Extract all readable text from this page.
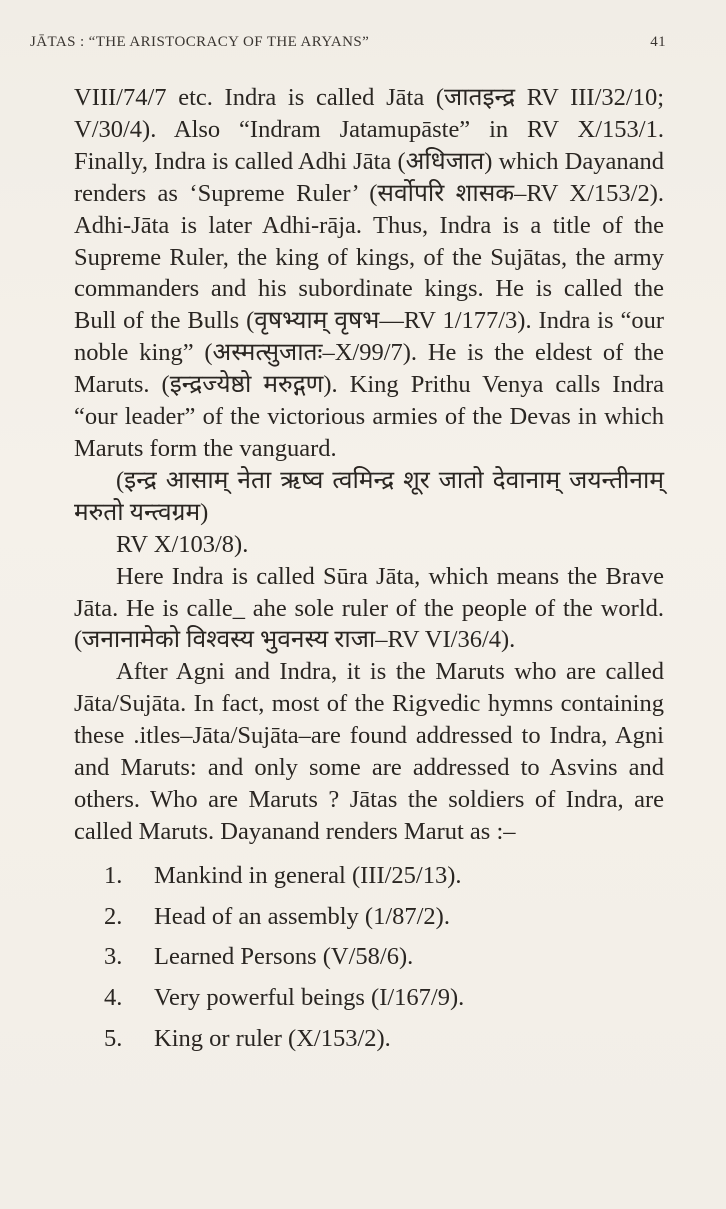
JĀTAS : “THE ARISTOCRACY OF THE ARYANS”	41

VIII/74/7 etc. Indra is called Jāta (जातइन्द्र RV III/32/10; V/30/4). Also “Indram Jatamupāste” in RV X/153/1. Finally, Indra is called Adhi Jāta (अधिजात) which Dayanand renders as ‘Supreme Ruler’ (सर्वोपरि शासक–RV X/153/2). Adhi-Jāta is later Adhi-rāja. Thus, Indra is a title of the Supreme Ruler, the king of kings, of the Sujātas, the army commanders and his subordinate kings. He is called the Bull of the Bulls (वृषभ्याम् वृषभ—RV 1/177/3). Indra is “our noble king” (अस्मत्सुजातः–X/99/7). He is the eldest of the Maruts. (इन्द्रज्येष्ठो मरुद्गण). King Prithu Venya calls Indra “our leader” of the victorious armies of the Devas in which Maruts form the vanguard.

(इन्द्र आसाम् नेता ऋष्व त्वमिन्द्र शूर जातो देवानाम् जयन्तीनाम् मरुतो यन्त्वग्रम)

RV X/103/8).

Here Indra is called Sūra Jāta, which means the Brave Jāta. He is calle_ ahe sole ruler of the people of the world. (जनानामेको विश्वस्य भुवनस्य राजा–RV VI/36/4).

After Agni and Indra, it is the Maruts who are called Jāta/Sujāta. In fact, most of the Rigvedic hymns containing these .itles–Jāta/Sujāta–are found addressed to Indra, Agni and Maruts: and only some are addressed to Asvins and others. Who are Maruts ? Jātas the soldiers of Indra, are called Maruts. Dayanand renders Marut as :–

1.	Mankind in general (III/25/13).
2.	Head of an assembly (1/87/2).
3.	Learned Persons (V/58/6).
4.	Very powerful beings (I/167/9).
5.	King or ruler (X/153/2).
